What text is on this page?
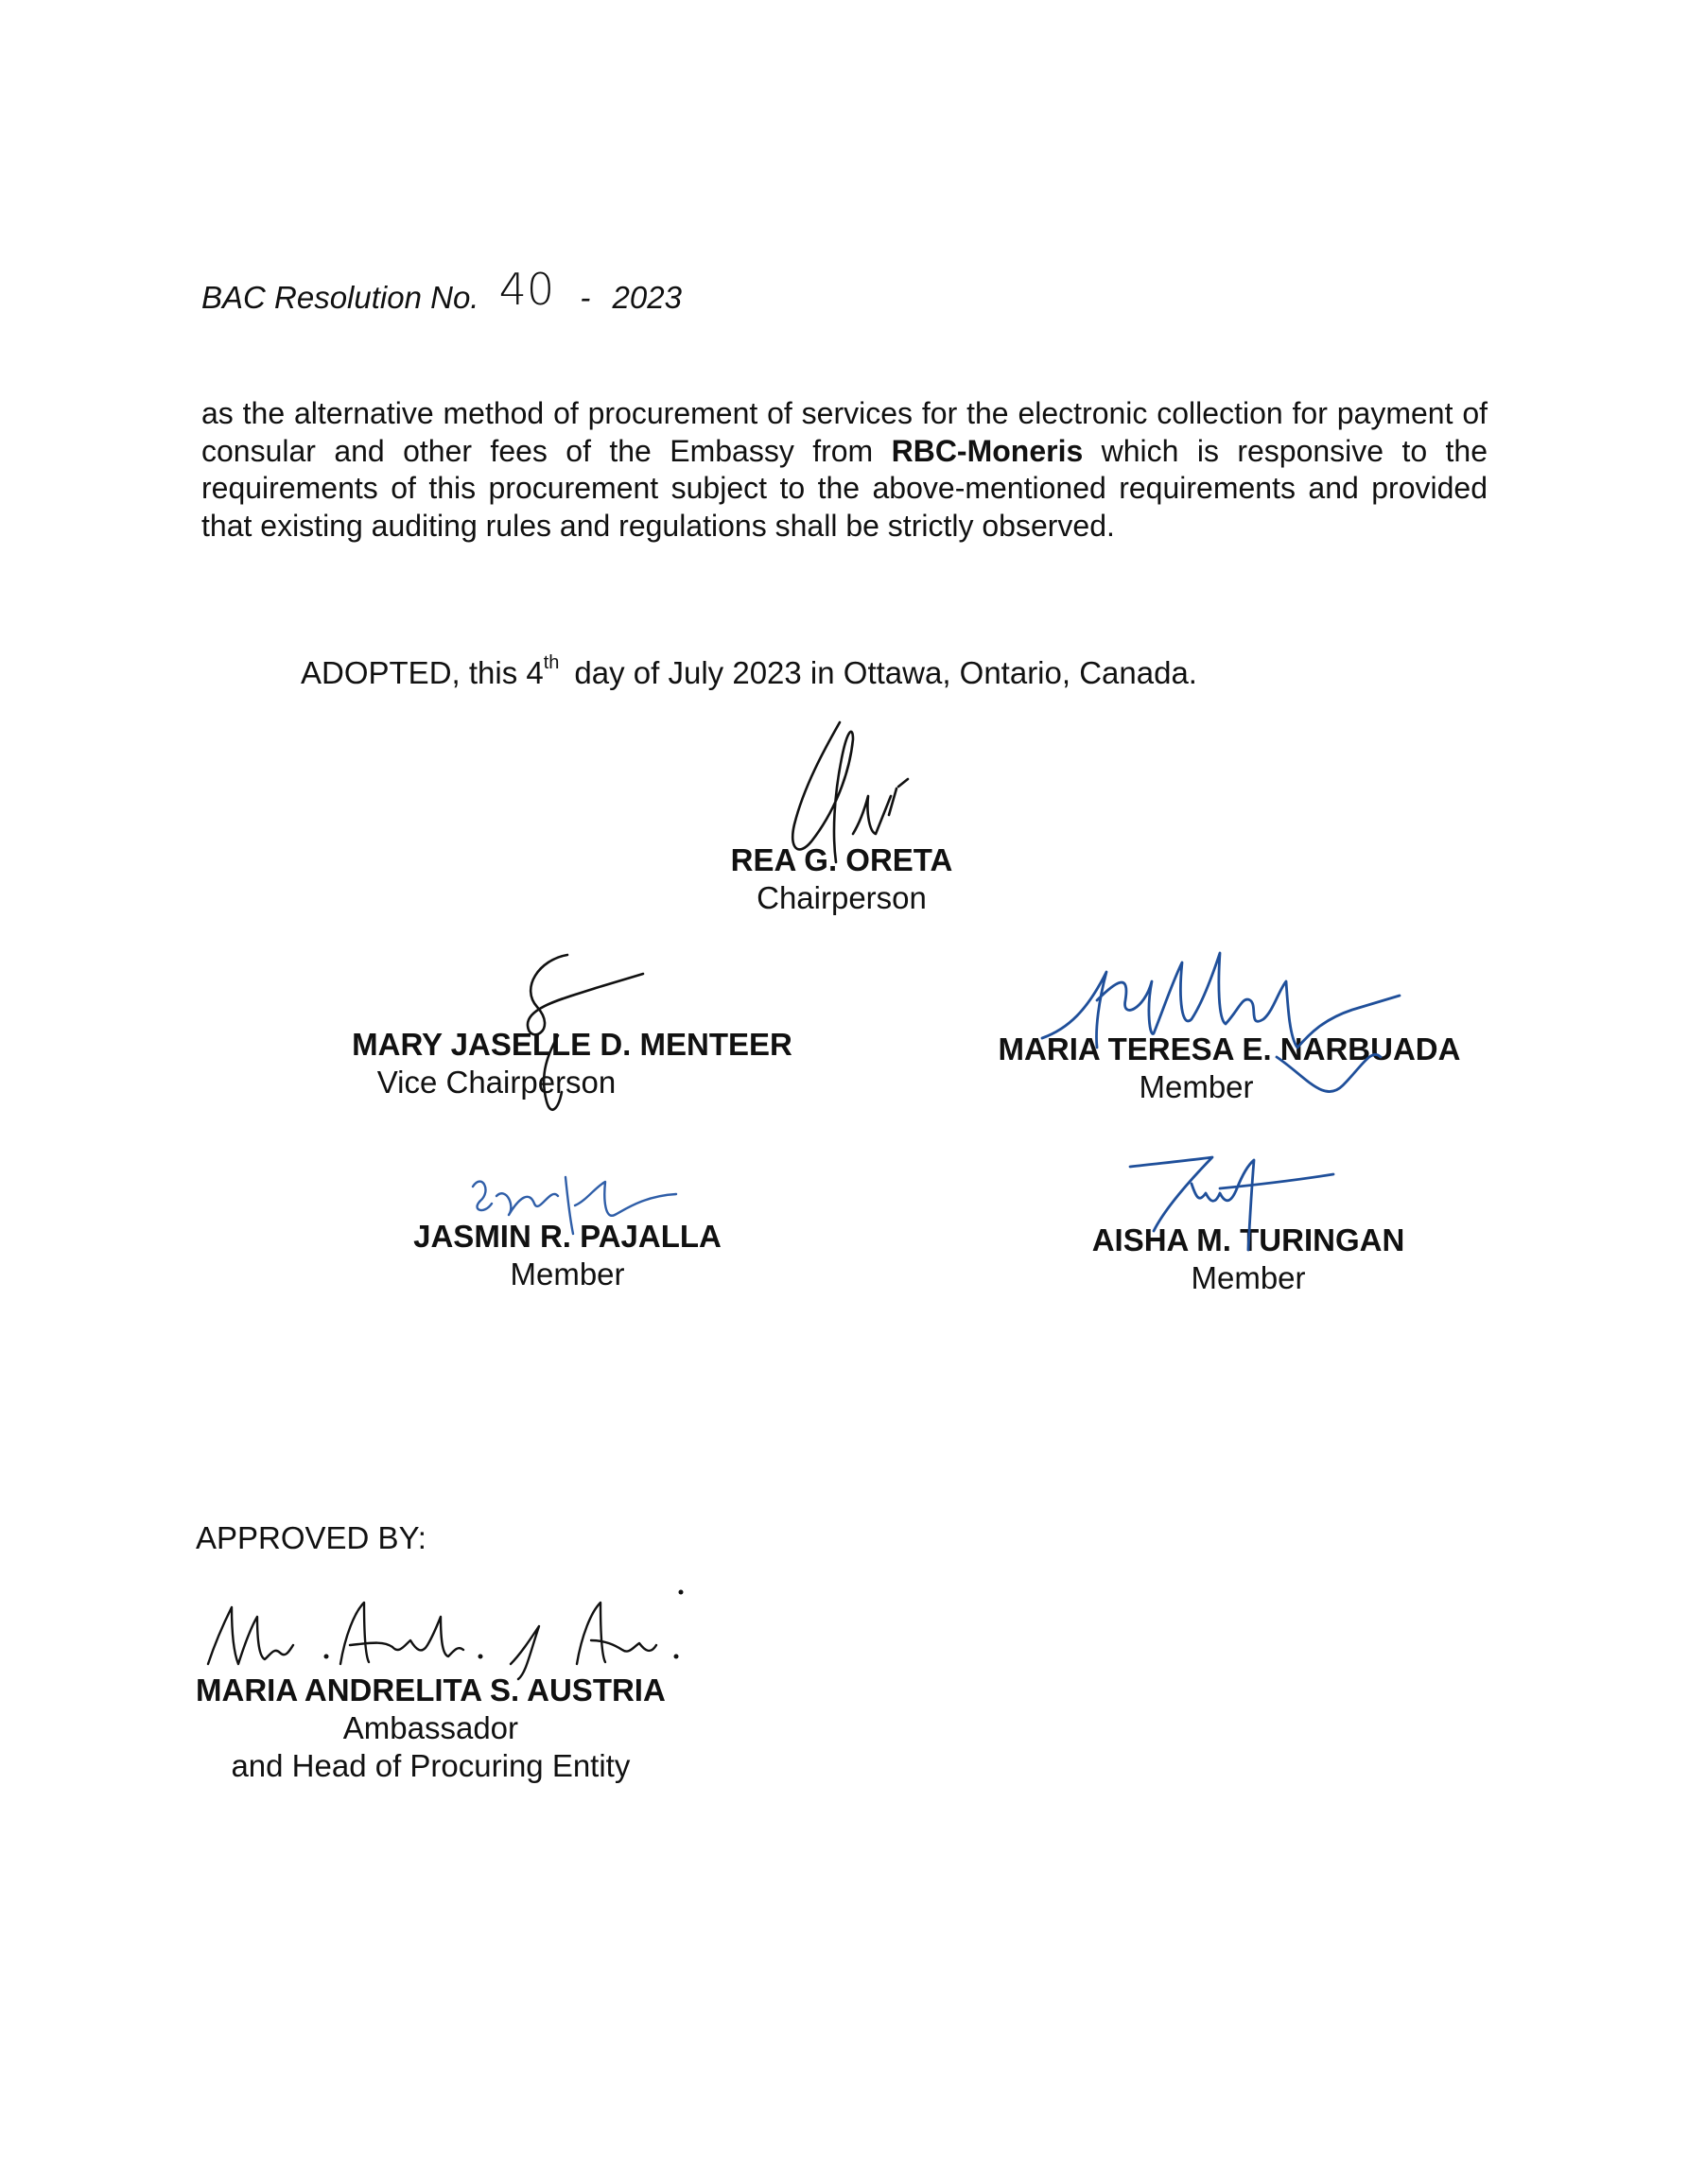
BAC Resolution No. 40 - 2023
as the alternative method of procurement of services for the electronic collection for payment of consular and other fees of the Embassy from RBC-Moneris which is responsive to the requirements of this procurement subject to the above-mentioned requirements and provided that existing auditing rules and regulations shall be strictly observed.
ADOPTED, this 4th day of July 2023 in Ottawa, Ontario, Canada.
REA G. ORETA
Chairperson
MARY JASELLE D. MENTEER
Vice Chairperson
MARIA TERESA E. NARBUADA
Member
JASMIN R. PAJALLA
Member
AISHA M. TURINGAN
Member
APPROVED BY:
MARIA ANDRELITA S. AUSTRIA
Ambassador
and Head of Procuring Entity
